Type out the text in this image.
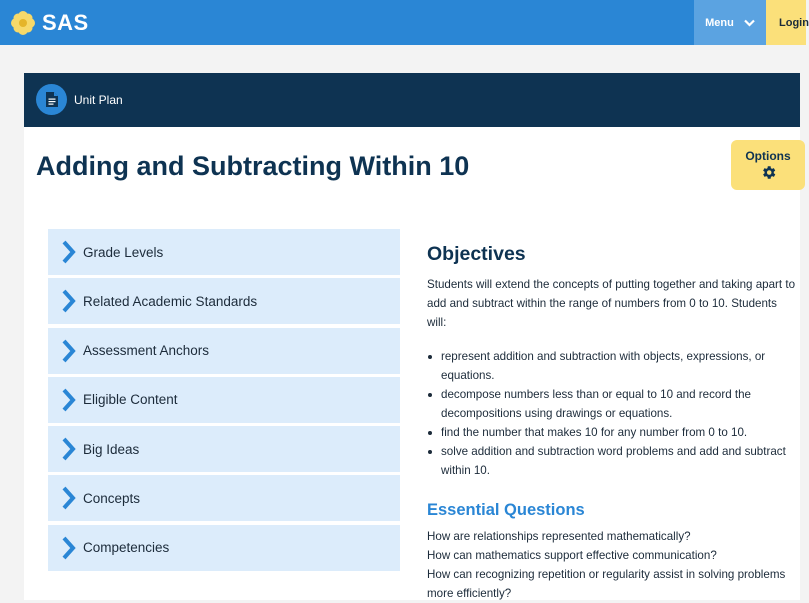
SAS	Menu	Login
Unit Plan
Adding and Subtracting Within 10	Options
Grade Levels
Related Academic Standards
Assessment Anchors
Eligible Content
Big Ideas
Concepts
Competencies
Objectives

Students will extend the concepts of putting together and taking apart to add and subtract within the range of numbers from 0 to 10. Students will:

represent addition and subtraction with objects, expressions, or equations.
decompose numbers less than or equal to 10 and record the decompositions using drawings or equations.
find the number that makes 10 for any number from 0 to 10.
solve addition and subtraction word problems and add and subtract within 10.
Essential Questions
How are relationships represented mathematically?
How can mathematics support effective communication?
How can recognizing repetition or regularity assist in solving problems more efficiently?
